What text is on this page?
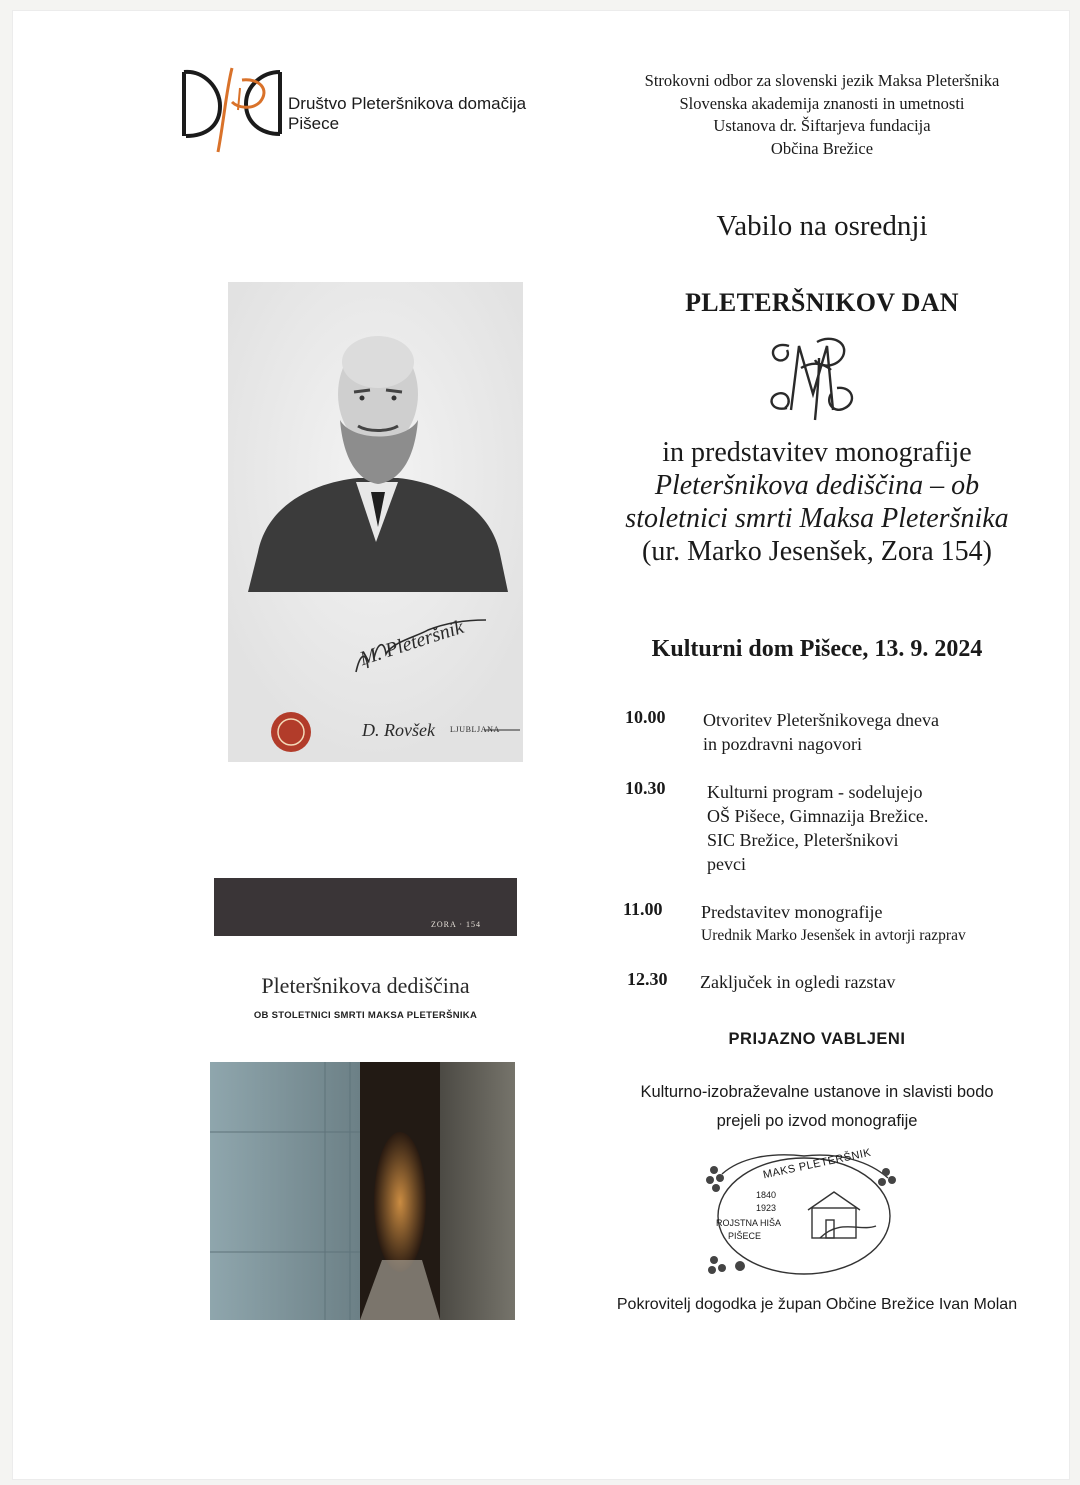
Društvo Pleteršnikova domačija
Pišece
Strokovni odbor za slovenski jezik Maksa Pleteršnika
Slovenska akademija znanosti in umetnosti
Ustanova dr. Šiftarjeva fundacija
Občina Brežice
Vabilo na osrednji
PLETERŠNIKOV DAN
in predstavitev monografije
Pleteršnikova dediščina – ob
stoletnici smrti Maksa Pleteršnika
(ur. Marko Jesenšek, Zora 154)
Kulturni dom Pišece, 13. 9. 2024
10.00 Otvoritev Pleteršnikovega dneva
in pozdravni nagovori
10.30 Kulturni program - sodelujejo
OŠ Pišece, Gimnazija Brežice.
SIC Brežice, Pleteršnikovi
pevci
11.00 Predstavitev monografije
Urednik Marko Jesenšek in avtorji razprav
12.30 Zaključek in ogledi razstav
PRIJAZNO VABLJENI
Kulturno-izobraževalne ustanove in slavisti bodo
prejeli po izvod monografije
MAKS PLETERŠNIK
1840
1923
ROJSTNA HIŠA
PIŠECE
Pokrovitelj dogodka je župan Občine Brežice Ivan Molan
M. Pleteršnik
D. Rovšek LJUBLJANA
ZORA · 154
Pleteršnikova dediščina
OB STOLETNICI SMRTI MAKSA PLETERŠNIKA
